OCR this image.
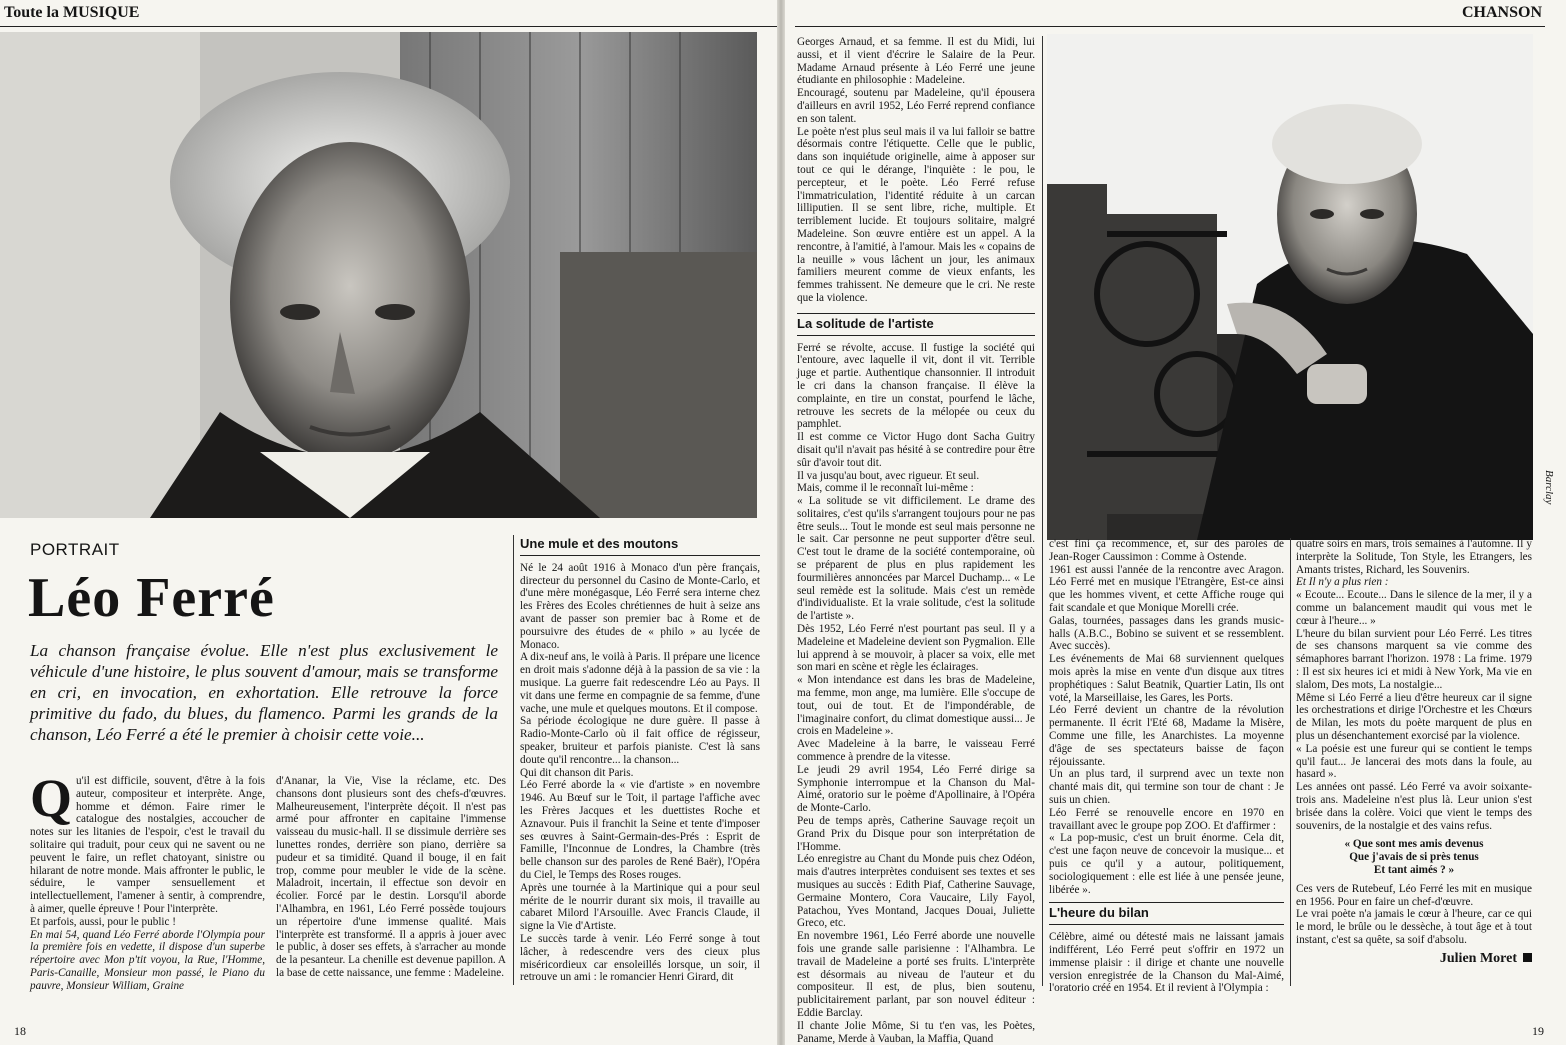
Toute la MUSIQUE
PORTRAIT
Léo Ferré
La chanson française évolue. Elle n'est plus exclusivement le véhicule d'une histoire, le plus souvent d'amour, mais se transforme en cri, en invocation, en exhortation. Elle retrouve la force primitive du fado, du blues, du flamenco. Parmi les grands de la chanson, Léo Ferré a été le premier à choisir cette voie...

Qu'il est difficile, souvent, d'être à la fois auteur, compositeur et interprète. Ange, homme et démon. Faire rimer le catalogue des nostalgies, accoucher de notes sur les litanies de l'espoir, c'est le travail du solitaire qui traduit, pour ceux qui ne savent ou ne peuvent le faire, un reflet chatoyant, sinistre ou hilarant de notre monde. Mais affronter le public, le séduire, le vamper sensuellement et intellectuellement, l'amener à sentir, à comprendre, à aimer, quelle épreuve ! Pour l'interprète.

Et parfois, aussi, pour le public !

En mai 54, quand Léo Ferré aborde l'Olympia pour la première fois en vedette, il dispose d'un superbe répertoire avec Mon p'tit voyou, la Rue, l'Homme, Paris-Canaille, Monsieur mon passé, le Piano du pauvre, Monsieur William, Graine

d'Ananar, la Vie, Vise la réclame, etc. Des chansons dont plusieurs sont des chefs-d'œuvres. Malheureusement, l'interprète déçoit. Il n'est pas armé pour affronter en capitaine l'immense vaisseau du music-hall. Il se dissimule derrière ses lunettes rondes, derrière son piano, derrière sa pudeur et sa timidité. Quand il bouge, il en fait trop, comme pour meubler le vide de la scène. Maladroit, incertain, il effectue son devoir en écolier. Forcé par le destin. Lorsqu'il aborde l'Alhambra, en 1961, Léo Ferré possède toujours un répertoire d'une immense qualité. Mais l'interprète est transformé. Il a appris à jouer avec le public, à doser ses effets, à s'arracher au monde de la pesanteur. La chenille est devenue papillon. A la base de cette naissance, une femme : Madeleine.

Une mule et des moutons

Né le 24 août 1916 à Monaco d'un père français, directeur du personnel du Casino de Monte-Carlo, et d'une mère monégasque, Léo Ferré sera interne chez les Frères des Ecoles chrétiennes de huit à seize ans avant de passer son premier bac à Rome et de poursuivre des études de « philo » au lycée de Monaco.

A dix-neuf ans, le voilà à Paris. Il prépare une licence en droit mais s'adonne déjà à la passion de sa vie : la musique. La guerre fait redescendre Léo au Pays. Il vit dans une ferme en compagnie de sa femme, d'une vache, une mule et quelques moutons. Et il compose.

Sa période écologique ne dure guère. Il passe à Radio-Monte-Carlo où il fait office de régisseur, speaker, bruiteur et parfois pianiste. C'est là sans doute qu'il rencontre... la chanson...

Qui dit chanson dit Paris.

Léo Ferré aborde la « vie d'artiste » en novembre 1946. Au Bœuf sur le Toit, il partage l'affiche avec les Frères Jacques et les duettistes Roche et Aznavour. Puis il franchit la Seine et tente d'imposer ses œuvres à Saint-Germain-des-Prés : Esprit de Famille, l'Inconnue de Londres, la Chambre (très belle chanson sur des paroles de René Baër), l'Opéra du Ciel, le Temps des Roses rouges.

Après une tournée à la Martinique qui a pour seul mérite de le nourrir durant six mois, il travaille au cabaret Milord l'Arsouille. Avec Francis Claude, il signe la Vie d'Artiste.

Le succès tarde à venir. Léo Ferré songe à tout lâcher, à redescendre vers des cieux plus miséricordieux car ensoleillés lorsque, un soir, il retrouve un ami : le romancier Henri Girard, dit

18
CHANSON

Georges Arnaud, et sa femme. Il est du Midi, lui aussi, et il vient d'écrire le Salaire de la Peur. Madame Arnaud présente à Léo Ferré une jeune étudiante en philosophie : Madeleine.

Encouragé, soutenu par Madeleine, qu'il épousera d'ailleurs en avril 1952, Léo Ferré reprend confiance en son talent.

Le poète n'est plus seul mais il va lui falloir se battre désormais contre l'étiquette. Celle que le public, dans son inquiétude originelle, aime à apposer sur tout ce qui le dérange, l'inquiète : le pou, le percepteur, et le poète. Léo Ferré refuse l'immatriculation, l'identité réduite à un carcan lilliputien. Il se sent libre, riche, multiple. Et terriblement lucide. Et toujours solitaire, malgré Madeleine. Son œuvre entière est un appel. A la rencontre, à l'amitié, à l'amour. Mais les « copains de la neuille » vous lâchent un jour, les animaux familiers meurent comme de vieux enfants, les femmes trahissent. Ne demeure que le cri. Ne reste que la violence.

La solitude de l'artiste

Ferré se révolte, accuse. Il fustige la société qui l'entoure, avec laquelle il vit, dont il vit. Terrible juge et partie. Authentique chansonnier. Il introduit le cri dans la chanson française. Il élève la complainte, en tire un constat, pourfend le lâche, retrouve les secrets de la mélopée ou ceux du pamphlet.

Il est comme ce Victor Hugo dont Sacha Guitry disait qu'il n'avait pas hésité à se contredire pour être sûr d'avoir tout dit.

Il va jusqu'au bout, avec rigueur. Et seul.

Mais, comme il le reconnaît lui-même :

« La solitude se vit difficilement. Le drame des solitaires, c'est qu'ils s'arrangent toujours pour ne pas être seuls... Tout le monde est seul mais personne ne le sait. Car personne ne peut supporter d'être seul. C'est tout le drame de la société contemporaine, où se préparent de plus en plus rapidement les fourmilières annoncées par Marcel Duchamp... « Le seul remède est la solitude. Mais c'est un remède d'individualiste. Et la vraie solitude, c'est la solitude de l'artiste ».

Dès 1952, Léo Ferré n'est pourtant pas seul. Il y a Madeleine et Madeleine devient son Pygmalion. Elle lui apprend à se mouvoir, à placer sa voix, elle met son mari en scène et règle les éclairages.

« Mon intendance est dans les bras de Madeleine, ma femme, mon ange, ma lumière. Elle s'occupe de tout, oui de tout. Et de l'impondérable, de l'imaginaire confort, du climat domestique aussi... Je crois en Madeleine ».

Avec Madeleine à la barre, le vaisseau Ferré commence à prendre de la vitesse.

Le jeudi 29 avril 1954, Léo Ferré dirige sa Symphonie interrompue et la Chanson du Mal-Aimé, oratorio sur le poème d'Apollinaire, à l'Opéra de Monte-Carlo.

Peu de temps après, Catherine Sauvage reçoit un Grand Prix du Disque pour son interprétation de l'Homme.

Léo enregistre au Chant du Monde puis chez Odéon, mais d'autres interprètes conduisent ses textes et ses musiques au succès : Edith Piaf, Catherine Sauvage, Germaine Montero, Cora Vaucaire, Lily Fayol, Patachou, Yves Montand, Jacques Douai, Juliette Greco, etc.

En novembre 1961, Léo Ferré aborde une nouvelle fois une grande salle parisienne : l'Alhambra. Le travail de Madeleine a porté ses fruits. L'interprète est désormais au niveau de l'auteur et du compositeur. Il est, de plus, bien soutenu, publicitairement parlant, par son nouvel éditeur : Eddie Barclay.

Il chante Jolie Môme, Si tu t'en vas, les Poètes, Paname, Merde à Vauban, la Maffia, Quand

Barclay

c'est fini ça recommence, et, sur des paroles de Jean-Roger Caussimon : Comme à Ostende.

1961 est aussi l'année de la rencontre avec Aragon. Léo Ferré met en musique l'Etrangère, Est-ce ainsi que les hommes vivent, et cette Affiche rouge qui fait scandale et que Monique Morelli crée.

Galas, tournées, passages dans les grands music-halls (A.B.C., Bobino se suivent et se ressemblent. Avec succès).

Les événements de Mai 68 surviennent quelques mois après la mise en vente d'un disque aux titres prophétiques : Salut Beatnik, Quartier Latin, Ils ont voté, la Marseillaise, les Gares, les Ports.

Léo Ferré devient un chantre de la révolution permanente. Il écrit l'Eté 68, Madame la Misère, Comme une fille, les Anarchistes. La moyenne d'âge de ses spectateurs baisse de façon réjouissante.

Un an plus tard, il surprend avec un texte non chanté mais dit, qui termine son tour de chant : Je suis un chien.

Léo Ferré se renouvelle encore en 1970 en travaillant avec le groupe pop ZOO. Et d'affirmer :

« La pop-music, c'est un bruit énorme. Cela dit, c'est une façon neuve de concevoir la musique... et puis ce qu'il y a autour, politiquement, sociologiquement : elle est liée à une pensée jeune, libérée ».

L'heure du bilan

Célèbre, aimé ou détesté mais ne laissant jamais indifférent, Léo Ferré peut s'offrir en 1972 un immense plaisir : il dirige et chante une nouvelle version enregistrée de la Chanson du Mal-Aimé, l'oratorio créé en 1954. Et il revient à l'Olympia :

quatre soirs en mars, trois semaines à l'automne. Il y interprète la Solitude, Ton Style, les Etrangers, les Amants tristes, Richard, les Souvenirs.

Et Il n'y a plus rien :

« Ecoute... Ecoute... Dans le silence de la mer, il y a comme un balancement maudit qui vous met le cœur à l'heure... »

L'heure du bilan survient pour Léo Ferré. Les titres de ses chansons marquent sa vie comme des sémaphores barrant l'horizon. 1978 : La frime. 1979 : Il est six heures ici et midi à New York, Ma vie en slalom, Des mots, La nostalgie...

Même si Léo Ferré a lieu d'être heureux car il signe les orchestrations et dirige l'Orchestre et les Chœurs de Milan, les mots du poète marquent de plus en plus un désenchantement exorcisé par la violence.

« La poésie est une fureur qui se contient le temps qu'il faut... Je lancerai des mots dans la foule, au hasard ».

Les années ont passé. Léo Ferré va avoir soixante-trois ans. Madeleine n'est plus là. Leur union s'est brisée dans la colère. Voici que vient le temps des souvenirs, de la nostalgie et des vains refus.

« Que sont mes amis devenus
Que j'avais de si près tenus
Et tant aimés ? »

Ces vers de Rutebeuf, Léo Ferré les mit en musique en 1956. Pour en faire un chef-d'œuvre.

Le vrai poète n'a jamais le cœur à l'heure, car ce qui le mord, le brûle ou le dessèche, à tout âge et à tout instant, c'est sa quête, sa soif d'absolu.

Julien Moret
19
